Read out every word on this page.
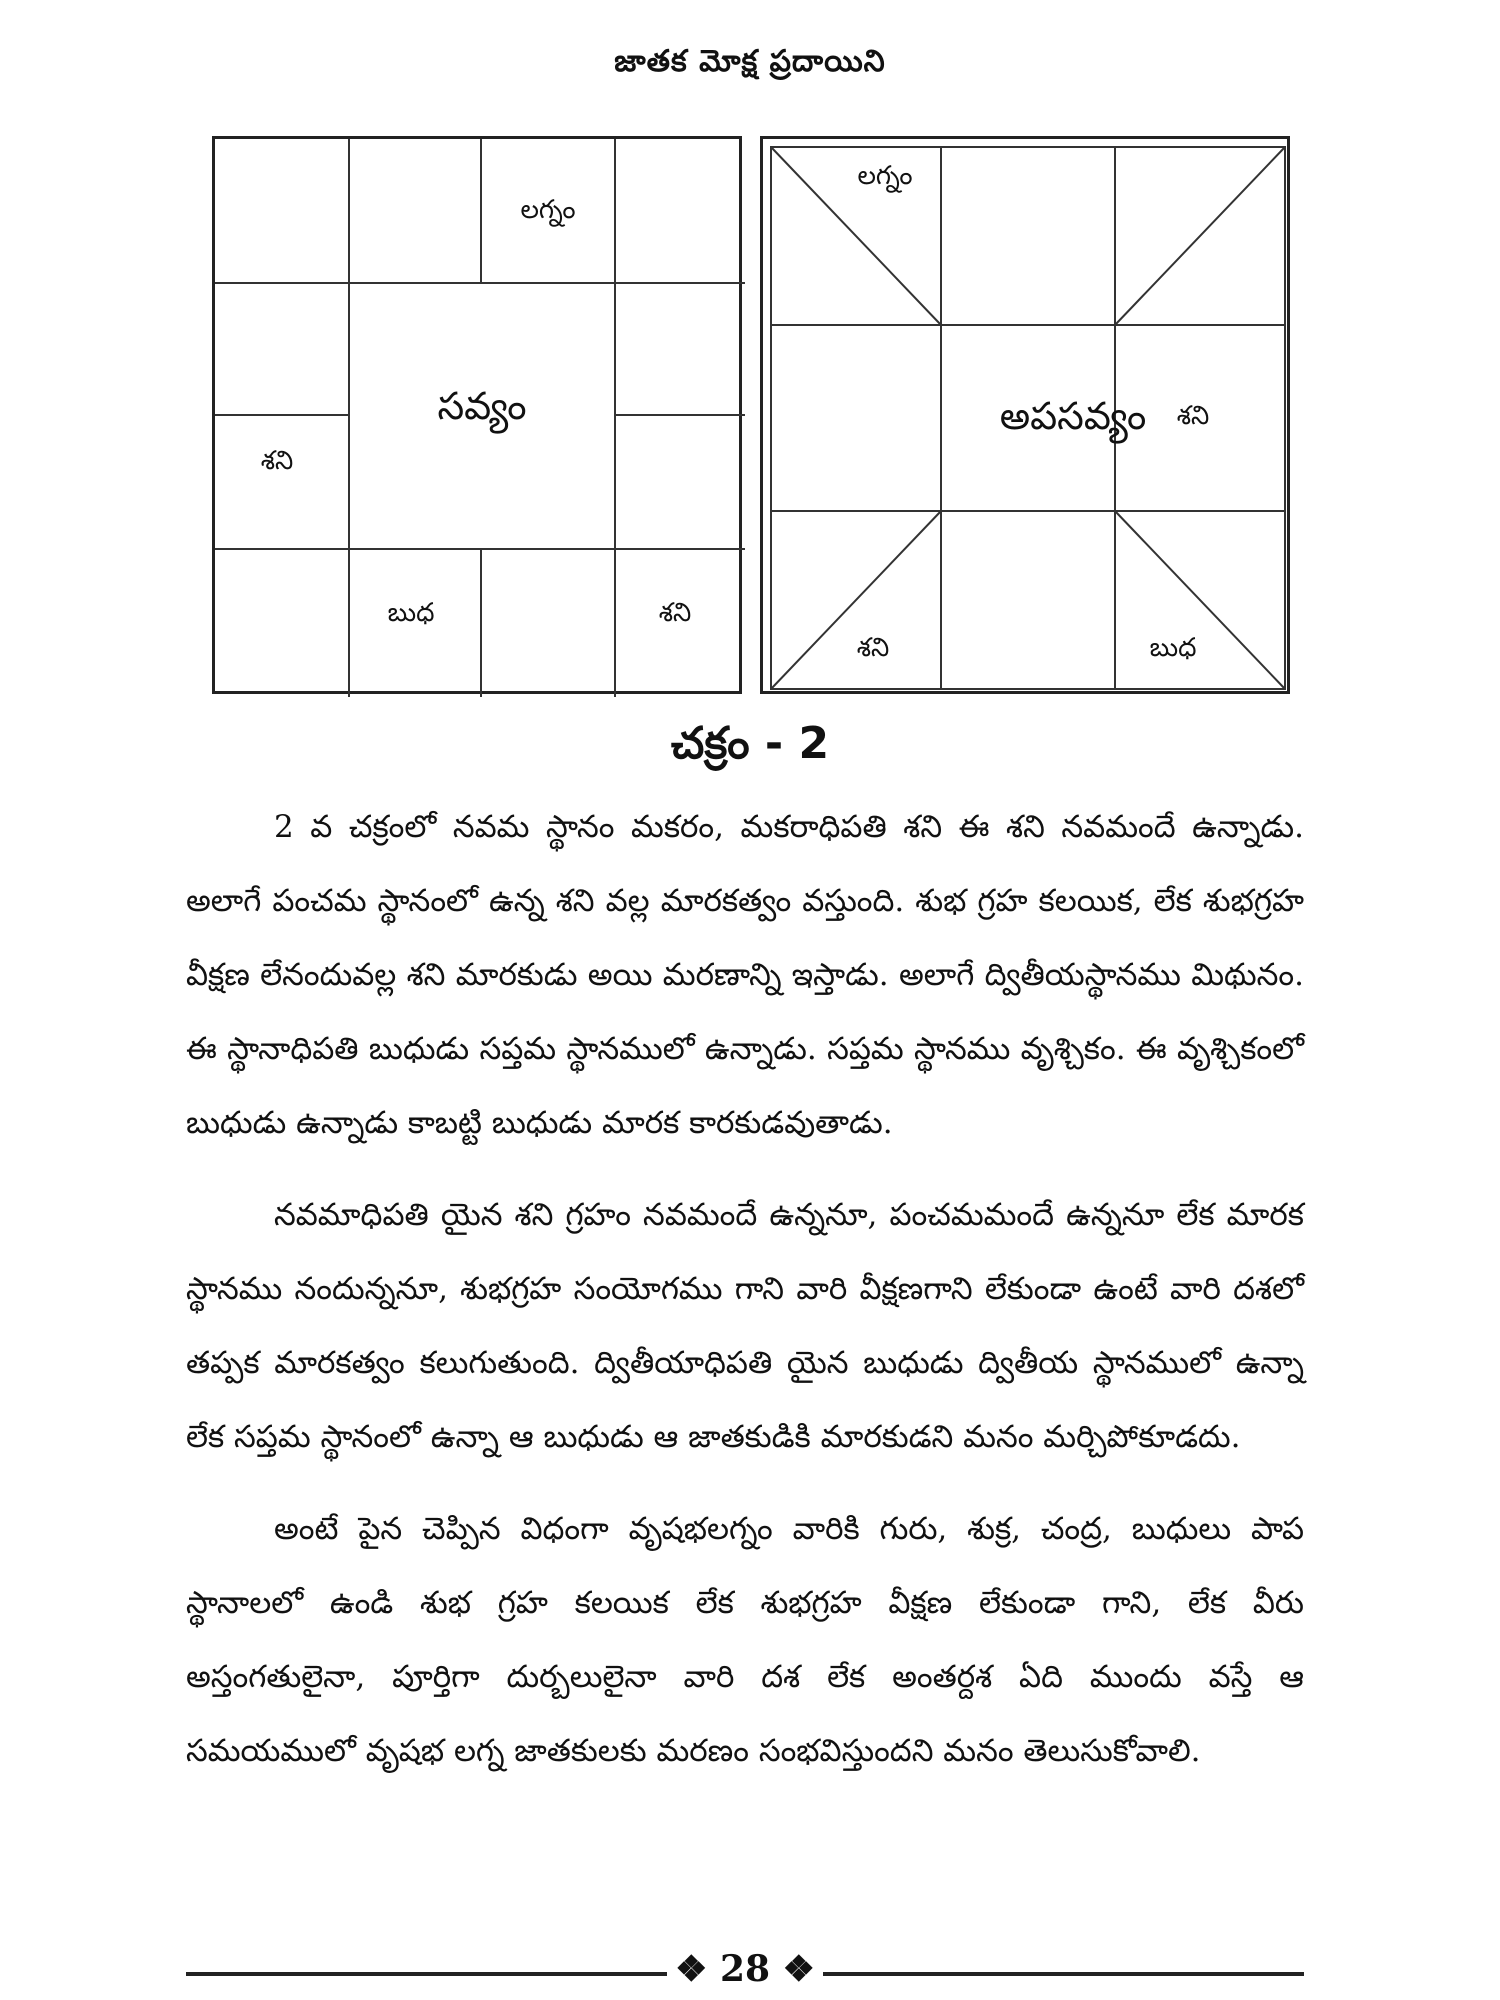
జాతక మోక్ష ప్రదాయిని
లగ్నం
సవ్యం
శని
బుధ	శని
లగ్నం
అపసవ్యం శని
శని	బుధ
చక్రం - 2

2 వ చక్రంలో నవమ స్థానం మకరం, మకరాధిపతి శని ఈ శని నవమందే ఉన్నాడు. అలాగే పంచమ స్థానంలో ఉన్న శని వల్ల మారకత్వం వస్తుంది. శుభ గ్రహ కలయిక, లేక శుభగ్రహ వీక్షణ లేనందువల్ల శని మారకుడు అయి మరణాన్ని ఇస్తాడు. అలాగే ద్వితీయస్థానము మిథునం. ఈ స్థానాధిపతి బుధుడు సప్తమ స్థానములో ఉన్నాడు. సప్తమ స్థానము వృశ్చికం. ఈ వృశ్చికంలో బుధుడు ఉన్నాడు కాబట్టి బుధుడు మారక కారకుడవుతాడు.

నవమాధిపతి యైన శని గ్రహం నవమందే ఉన్ననూ, పంచమమందే ఉన్ననూ లేక మారక స్థానము నందున్ననూ, శుభగ్రహ సంయోగము గాని వారి వీక్షణగాని లేకుండా ఉంటే వారి దశలో తప్పక మారకత్వం కలుగుతుంది. ద్వితీయాధిపతి యైన బుధుడు ద్వితీయ స్థానములో ఉన్నా లేక సప్తమ స్థానంలో ఉన్నా ఆ బుధుడు ఆ జాతకుడికి మారకుడని మనం మర్చిపోకూడదు.

అంటే పైన చెప్పిన విధంగా వృషభలగ్నం వారికి గురు, శుక్ర, చంద్ర, బుధులు పాప స్థానాలలో ఉండి శుభ గ్రహ కలయిక లేక శుభగ్రహ వీక్షణ లేకుండా గాని, లేక వీరు అస్తంగతులైనా, పూర్తిగా దుర్బలులైనా వారి దశ లేక అంతర్దశ ఏది ముందు వస్తే ఆ సమయములో వృషభ లగ్న జాతకులకు మరణం సంభవిస్తుందని మనం తెలుసుకోవాలి.

❖ 28 ❖
